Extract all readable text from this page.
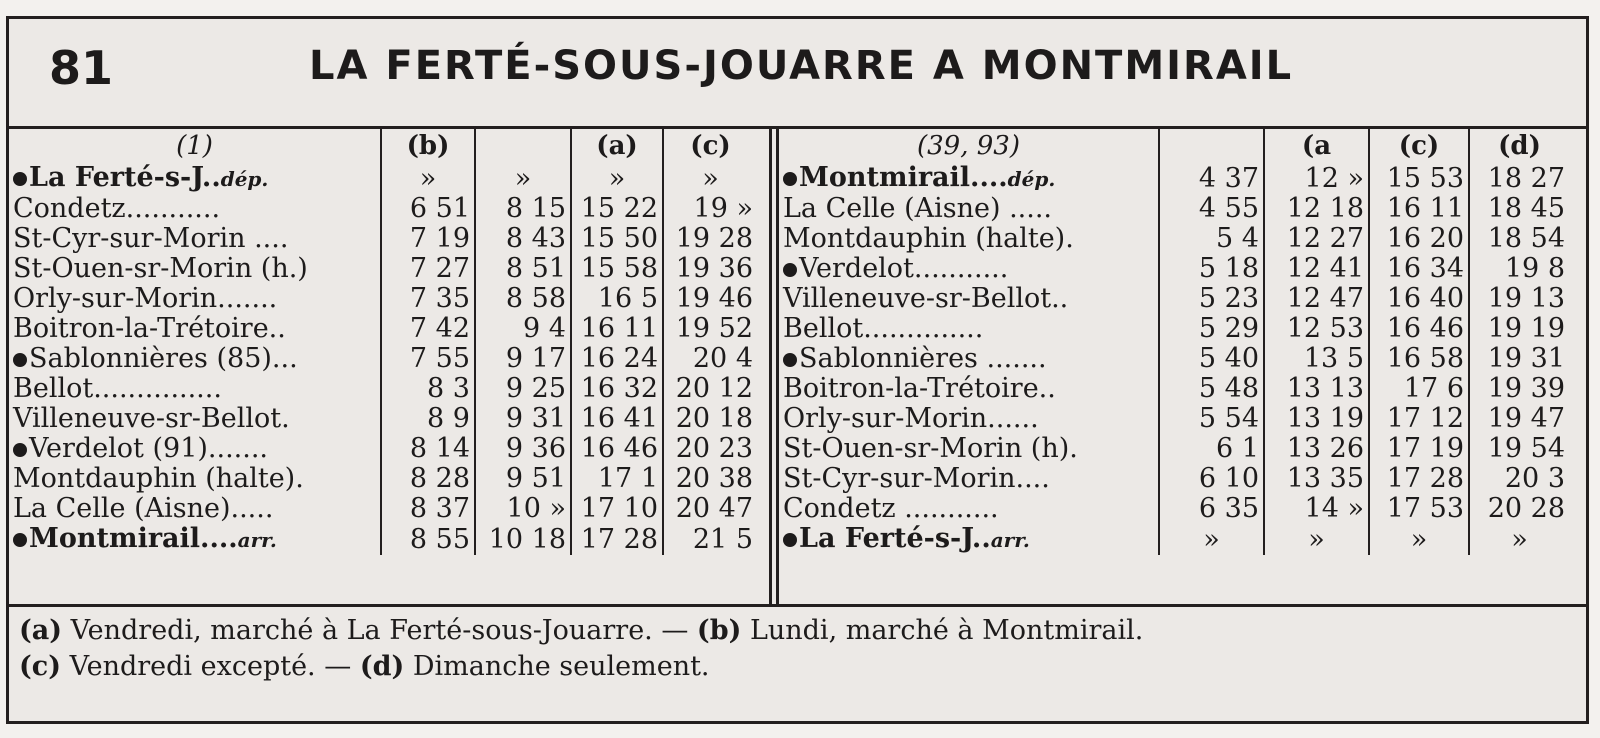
81	LA FERTÉ-SOUS-JOUARRE A MONTMIRAIL
(1)	(b)		(a)	(c)
La Ferté-s-J..dép.	»	»	»	»
Condetz...........	6 51	8 15	15 22	19 »
St-Cyr-sur-Morin ....	7 19	8 43	15 50	19 28
St-Ouen-sr-Morin (h.)	7 27	8 51	15 58	19 36
Orly-sur-Morin.......	7 35	8 58	16 5	19 46
Boitron-la-Trétoire..	7 42	9 4	16 11	19 52
Sablonnières (85)...	7 55	9 17	16 24	20 4
Bellot...............	8 3	9 25	16 32	20 12
Villeneuve-sr-Bellot.	8 9	9 31	16 41	20 18
Verdelot (91).......	8 14	9 36	16 46	20 23
Montdauphin (halte).	8 28	9 51	17 1	20 38
La Celle (Aisne).....	8 37	10 »	17 10	20 47
Montmirail....arr.	8 55	10 18	17 28	21 5
(39, 93)		(a	(c)	(d)
Montmirail....dép.	4 37	12 »	15 53	18 27
La Celle (Aisne) .....	4 55	12 18	16 11	18 45
Montdauphin (halte).	5 4	12 27	16 20	18 54
Verdelot...........	5 18	12 41	16 34	19 8
Villeneuve-sr-Bellot..	5 23	12 47	16 40	19 13
Bellot..............	5 29	12 53	16 46	19 19
Sablonnières .......	5 40	13 5	16 58	19 31
Boitron-la-Trétoire..	5 48	13 13	17 6	19 39
Orly-sur-Morin......	5 54	13 19	17 12	19 47
St-Ouen-sr-Morin (h).	6 1	13 26	17 19	19 54
St-Cyr-sur-Morin....	6 10	13 35	17 28	20 3
Condetz ...........	6 35	14 »	17 53	20 28
La Ferté-s-J..arr.	»	»	»	»

(a) Vendredi, marché à La Ferté-sous-Jouarre. — (b) Lundi, marché à Montmirail.

(c) Vendredi excepté. — (d) Dimanche seulement.
